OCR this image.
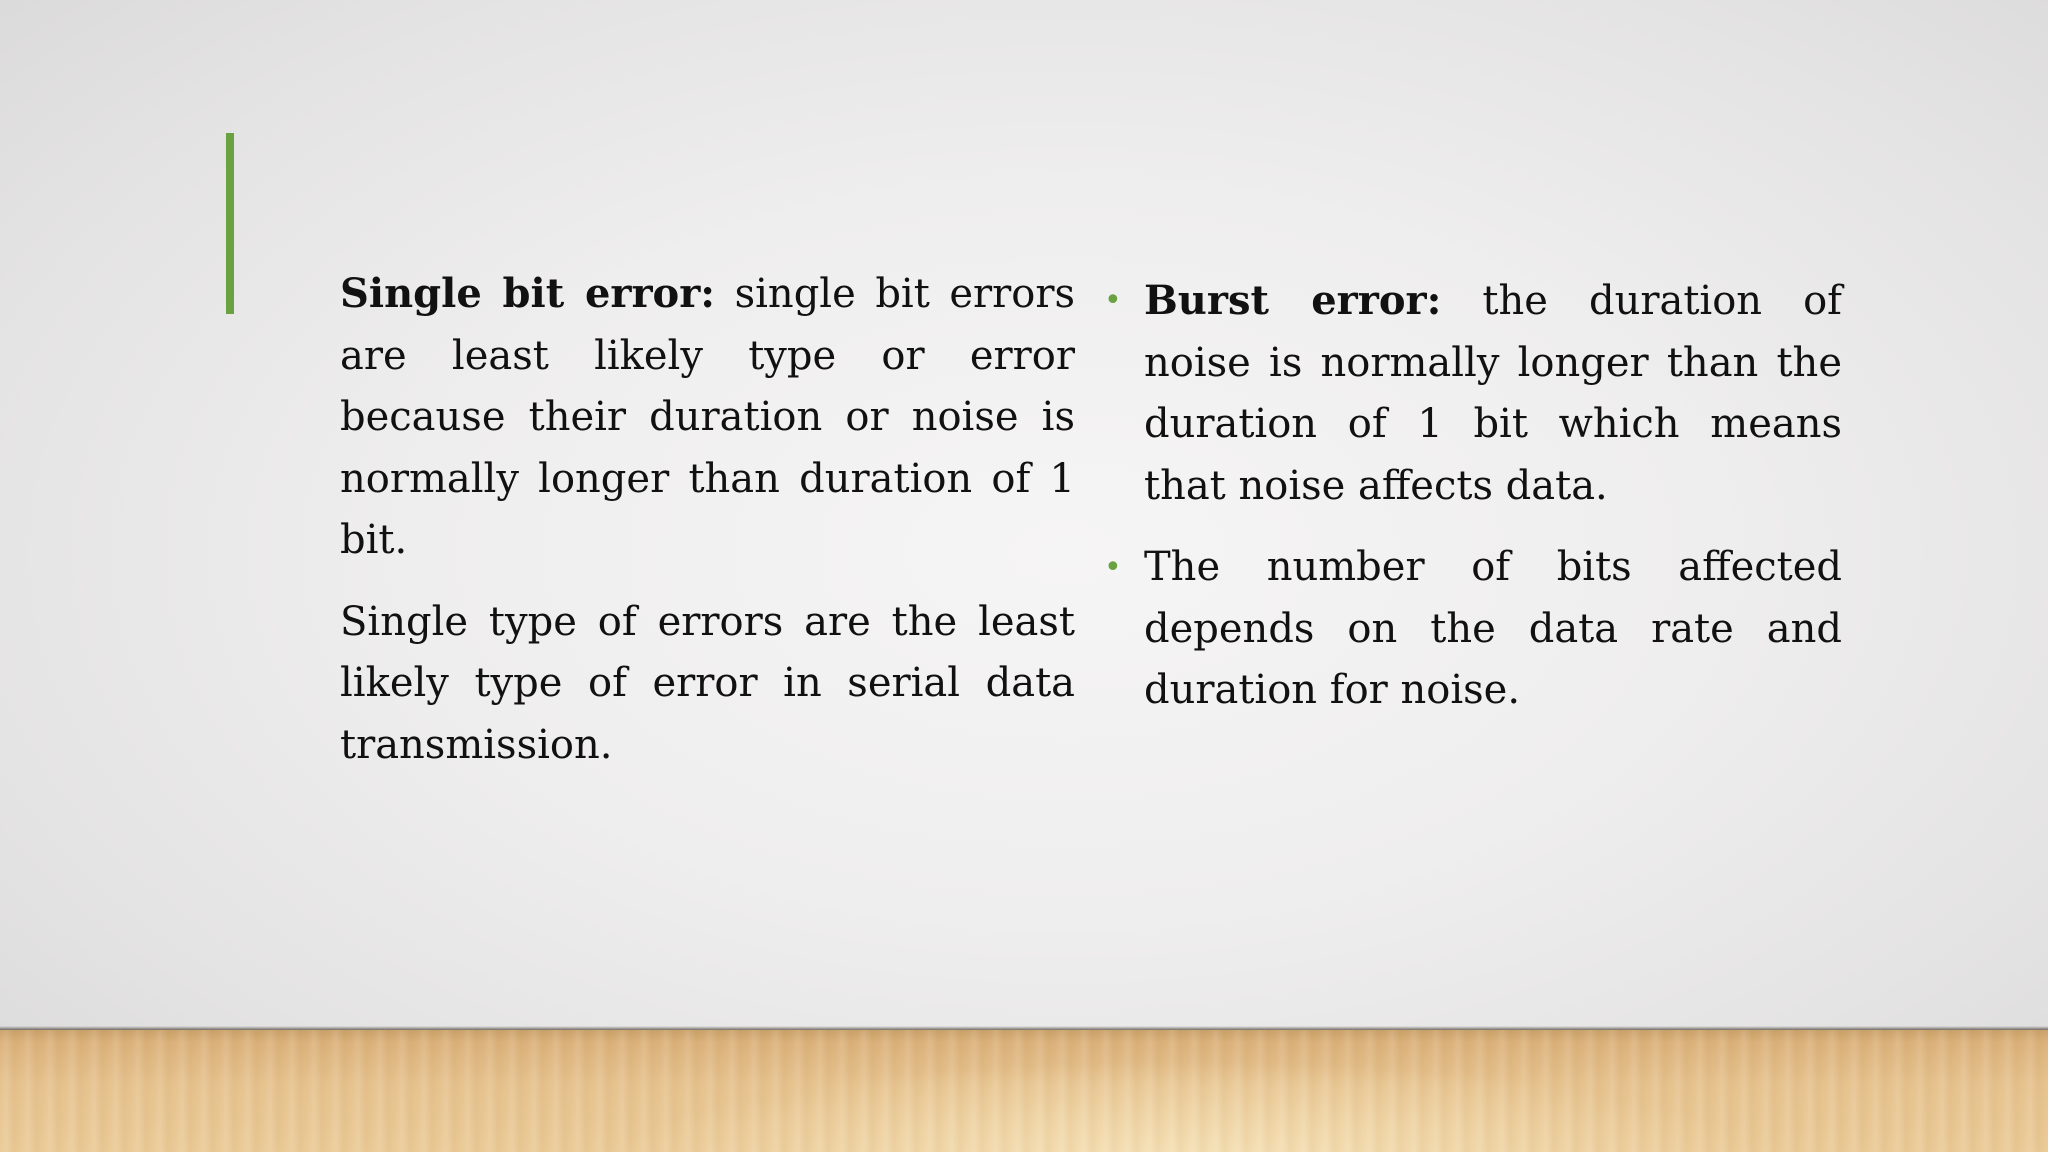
Single bit error: single bit errors are least likely type or error because their duration or noise is normally longer than duration of 1 bit.

Single type of errors are the least likely type of error in serial data transmission.

• Burst error: the duration of noise is normally longer than the duration of 1 bit which means that noise affects data.
• The number of bits affected depends on the data rate and duration for noise.
